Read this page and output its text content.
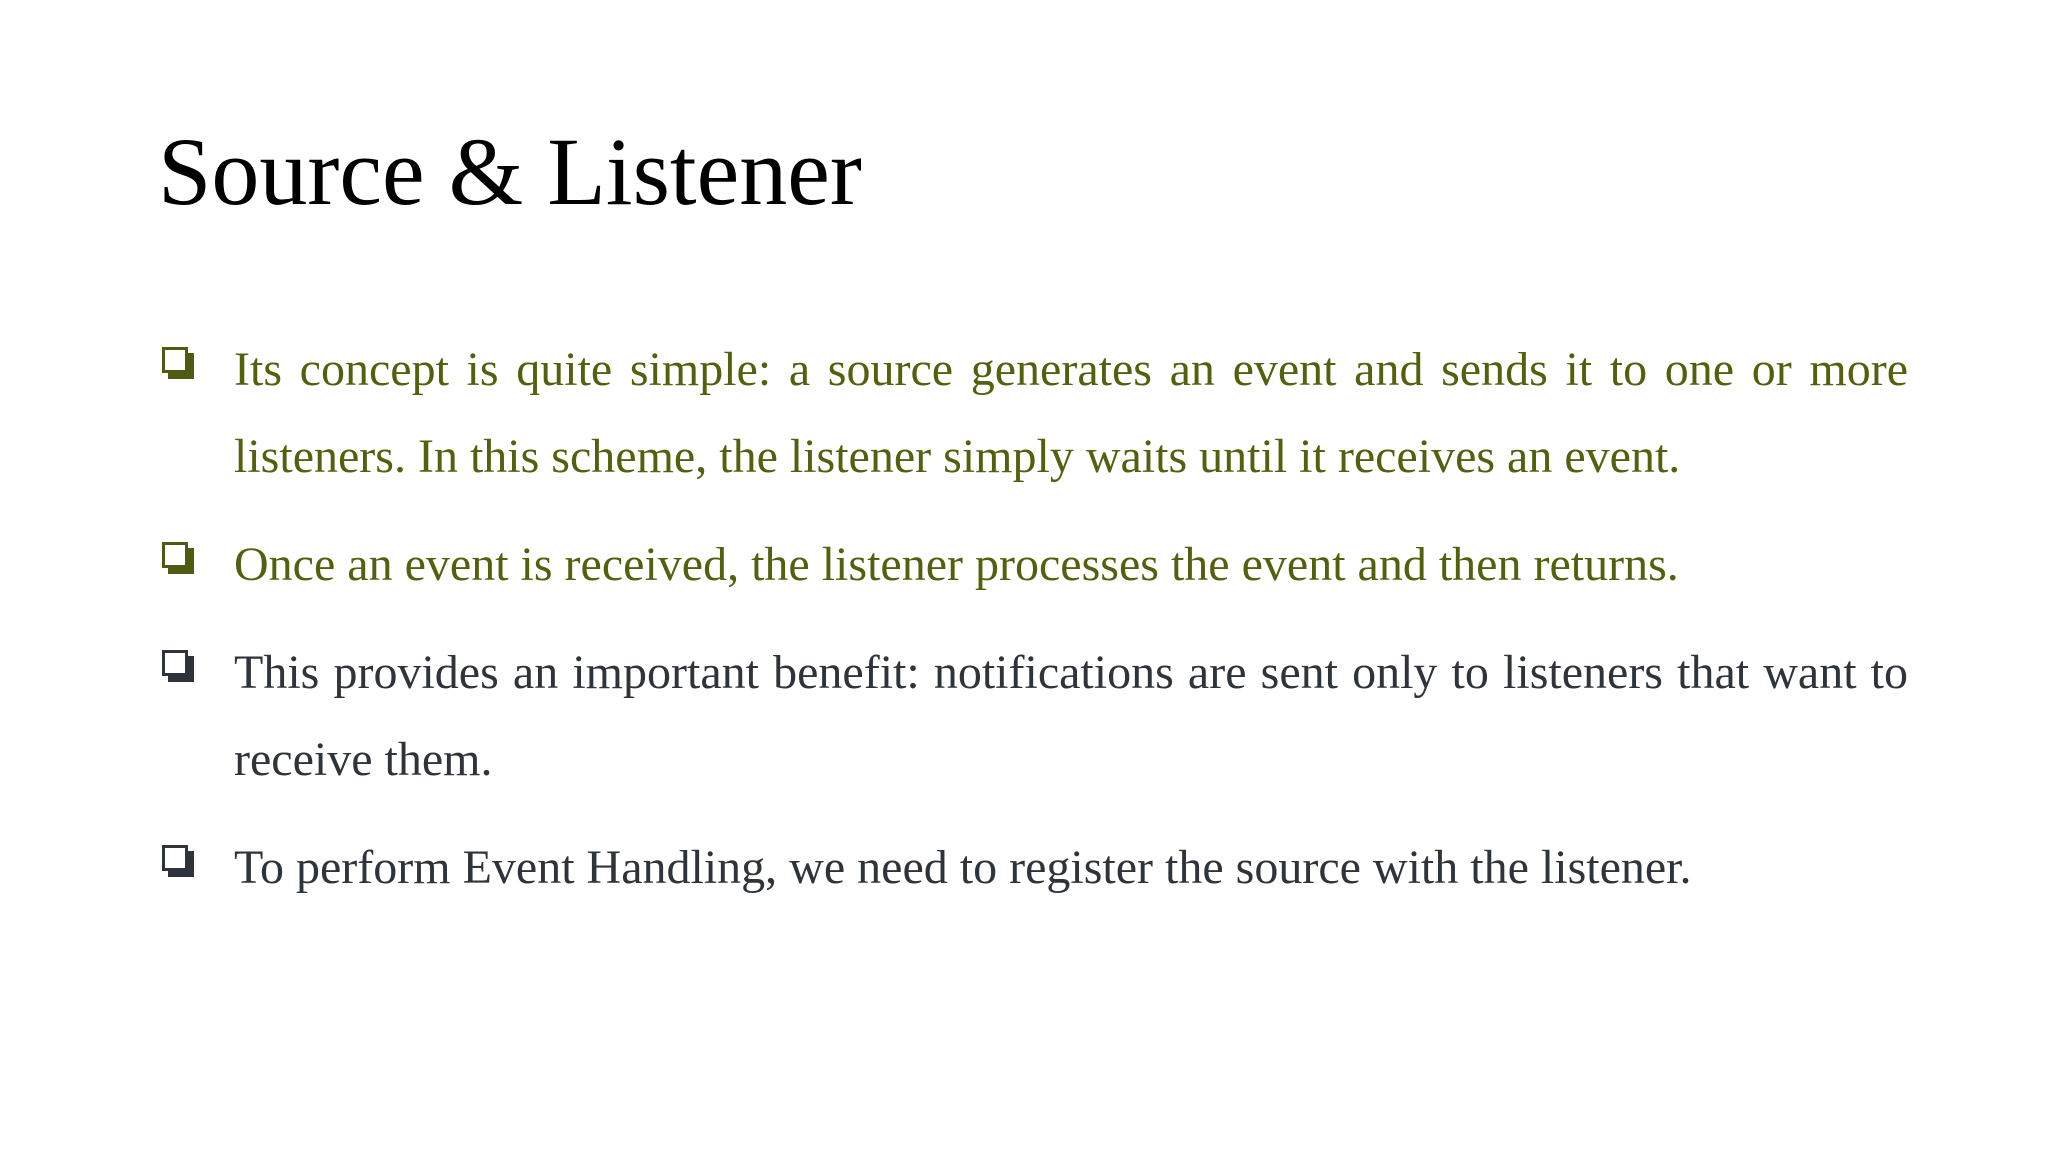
Source & Listener
Its concept is quite simple: a source generates an event and sends it to one or more listeners. In this scheme, the listener simply waits until it receives an event.
Once an event is received, the listener processes the event and then returns.
This provides an important benefit: notifications are sent only to listeners that want to receive them.
To perform Event Handling, we need to register the source with the listener.
